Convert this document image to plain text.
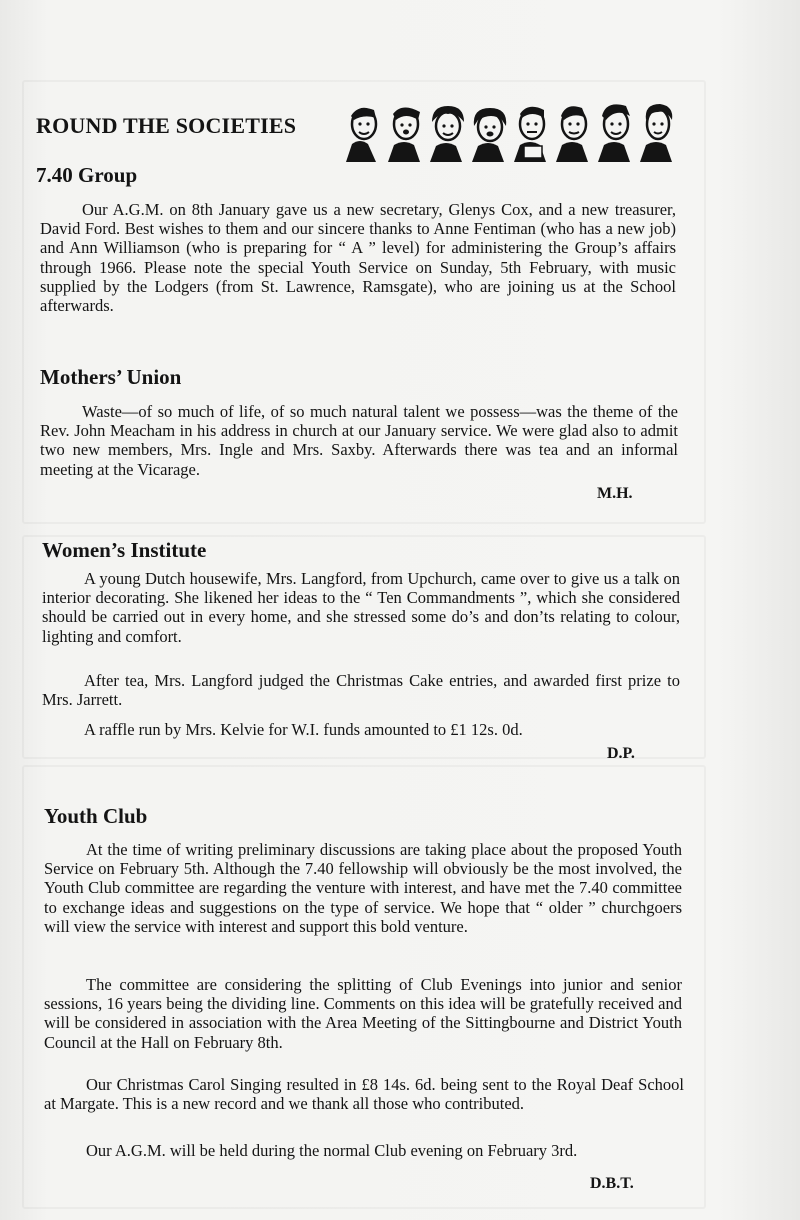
ROUND THE SOCIETIES
7.40 Group

Our A.G.M. on 8th January gave us a new secretary, Glenys Cox, and a new treasurer, David Ford. Best wishes to them and our sincere thanks to Anne Fentiman (who has a new job) and Ann Williamson (who is preparing for “ A ” level) for administering the Group’s affairs through 1966. Please note the special Youth Service on Sunday, 5th February, with music supplied by the Lodgers (from St. Lawrence, Ramsgate), who are joining us at the School afterwards.

Mothers’ Union

Waste—of so much of life, of so much natural talent we possess—was the theme of the Rev. John Meacham in his address in church at our January service. We were glad also to admit two new members, Mrs. Ingle and Mrs. Saxby. Afterwards there was tea and an informal meeting at the Vicarage.

M.H.
Women’s Institute

A young Dutch housewife, Mrs. Langford, from Upchurch, came over to give us a talk on interior decorating. She likened her ideas to the “ Ten Commandments ”, which she considered should be carried out in every home, and she stressed some do’s and don’ts relating to colour, lighting and comfort.

After tea, Mrs. Langford judged the Christmas Cake entries, and awarded first prize to Mrs. Jarrett.

A raffle run by Mrs. Kelvie for W.I. funds amounted to £1 12s. 0d.

D.P.
Youth Club

At the time of writing preliminary discussions are taking place about the proposed Youth Service on February 5th. Although the 7.40 fellowship will obviously be the most involved, the Youth Club committee are regarding the venture with interest, and have met the 7.40 committee to exchange ideas and suggestions on the type of service. We hope that “ older ” churchgoers will view the service with interest and support this bold venture.

The committee are considering the splitting of Club Evenings into junior and senior sessions, 16 years being the dividing line. Comments on this idea will be gratefully received and will be considered in association with the Area Meeting of the Sittingbourne and District Youth Council at the Hall on February 8th.

Our Christmas Carol Singing resulted in £8 14s. 6d. being sent to the Royal Deaf School at Margate. This is a new record and we thank all those who contributed.

Our A.G.M. will be held during the normal Club evening on February 3rd.

D.B.T.
